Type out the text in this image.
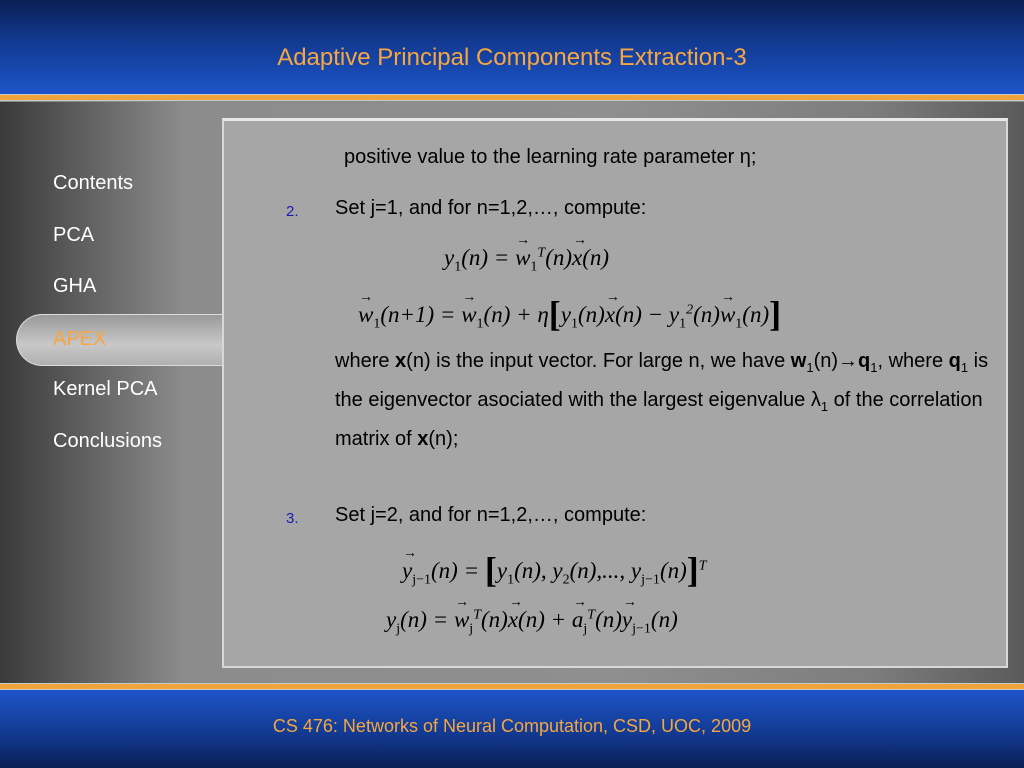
Adaptive Principal Components Extraction-3
Contents
PCA
GHA
APEX
Kernel PCA
Conclusions
positive value to the learning rate parameter η;
2. Set j=1, and for n=1,2,…, compute:
$y_1(n)$ = → $w_1^T(n)\to x(n)$
→ $w_1(n+1)$ = → $w_1(n) + \eta[y_1(n)\to x(n) - y_1^2(n)\to w_1(n)]$
where x(n) is the input vector. For large n, we have $w_1(n)\to q_1$, where $q_1$ is the eigenvector asociated with the largest eigenvalue $\lambda_1$ of the correlation matrix of x(n);
3. Set j=2, and for n=1,2,…, compute:
→ $y_{j-1}(n) = [y_1(n)$, $y_2(n)$,..., $y_{j-1}(n)]^T$
$y_j(n)$ = → $w_j^T(n)\to x(n)$ + → $a_j^T(n)\to y_{j-1}(n)$
CS 476: Networks of Neural Computation, CSD, UOC, 2009
